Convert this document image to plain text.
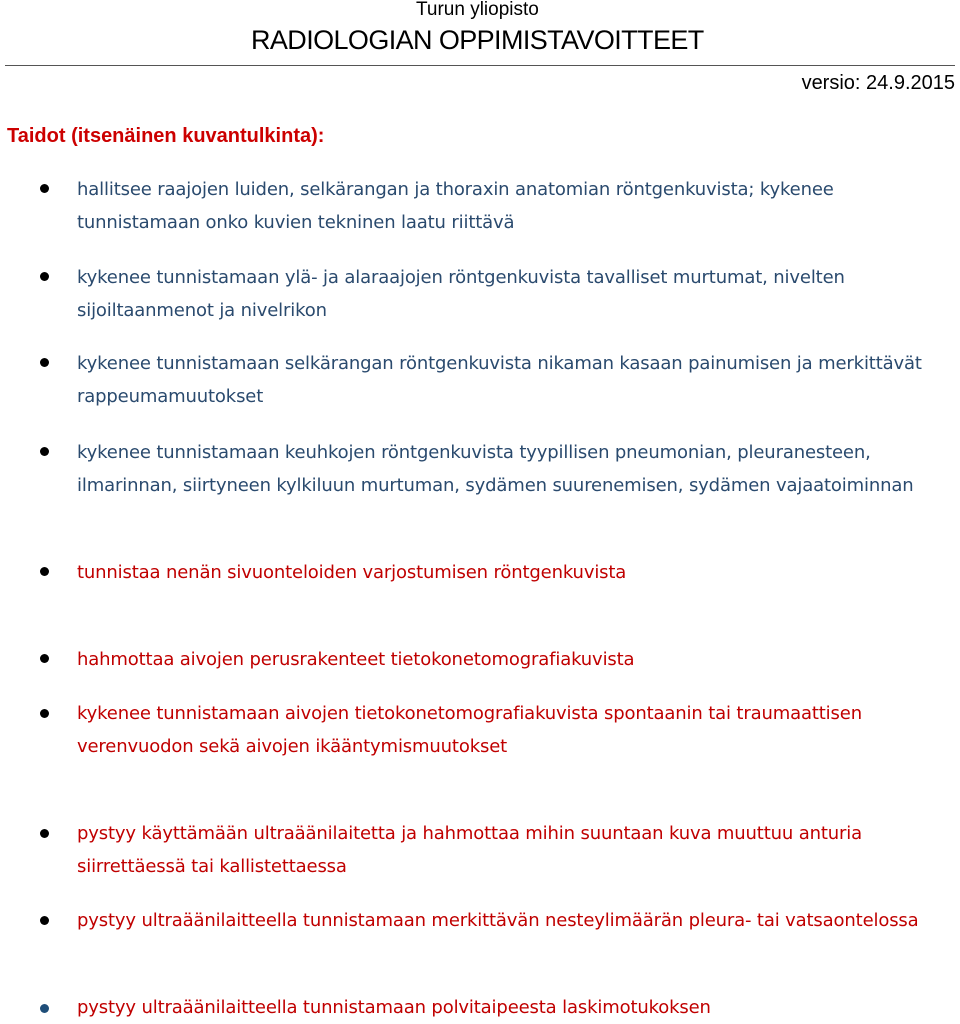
Turun yliopisto
RADIOLOGIAN OPPIMISTAVOITTEET
versio: 24.9.2015
Taidot (itsenäinen kuvantulkinta):

hallitsee raajojen luiden, selkärangan ja thoraxin anatomian röntgenkuvista; kykenee tunnistamaan onko kuvien tekninen laatu riittävä

kykenee tunnistamaan ylä- ja alaraajojen röntgenkuvista tavalliset murtumat, nivelten sijoiltaanmenot ja nivelrikon

kykenee tunnistamaan selkärangan röntgenkuvista nikaman kasaan painumisen ja merkittävät rappeumamuutokset

kykenee tunnistamaan keuhkojen röntgenkuvista tyypillisen pneumonian, pleuranesteen, ilmarinnan, siirtyneen kylkiluun murtuman, sydämen suurenemisen, sydämen vajaatoiminnan

tunnistaa nenän sivuonteloiden varjostumisen röntgenkuvista

hahmottaa aivojen perusrakenteet tietokonetomografiakuvista

kykenee tunnistamaan aivojen tietokonetomografiakuvista spontaanin tai traumaattisen verenvuodon sekä aivojen ikääntymismuutokset

pystyy käyttämään ultraäänilaitetta ja hahmottaa mihin suuntaan kuva muuttuu anturia siirrettäessä tai kallistettaessa

pystyy ultraäänilaitteella tunnistamaan merkittävän nesteylimäärän pleura- tai vatsaontelossa

pystyy ultraäänilaitteella tunnistamaan polvitaipeesta laskimotukoksen
